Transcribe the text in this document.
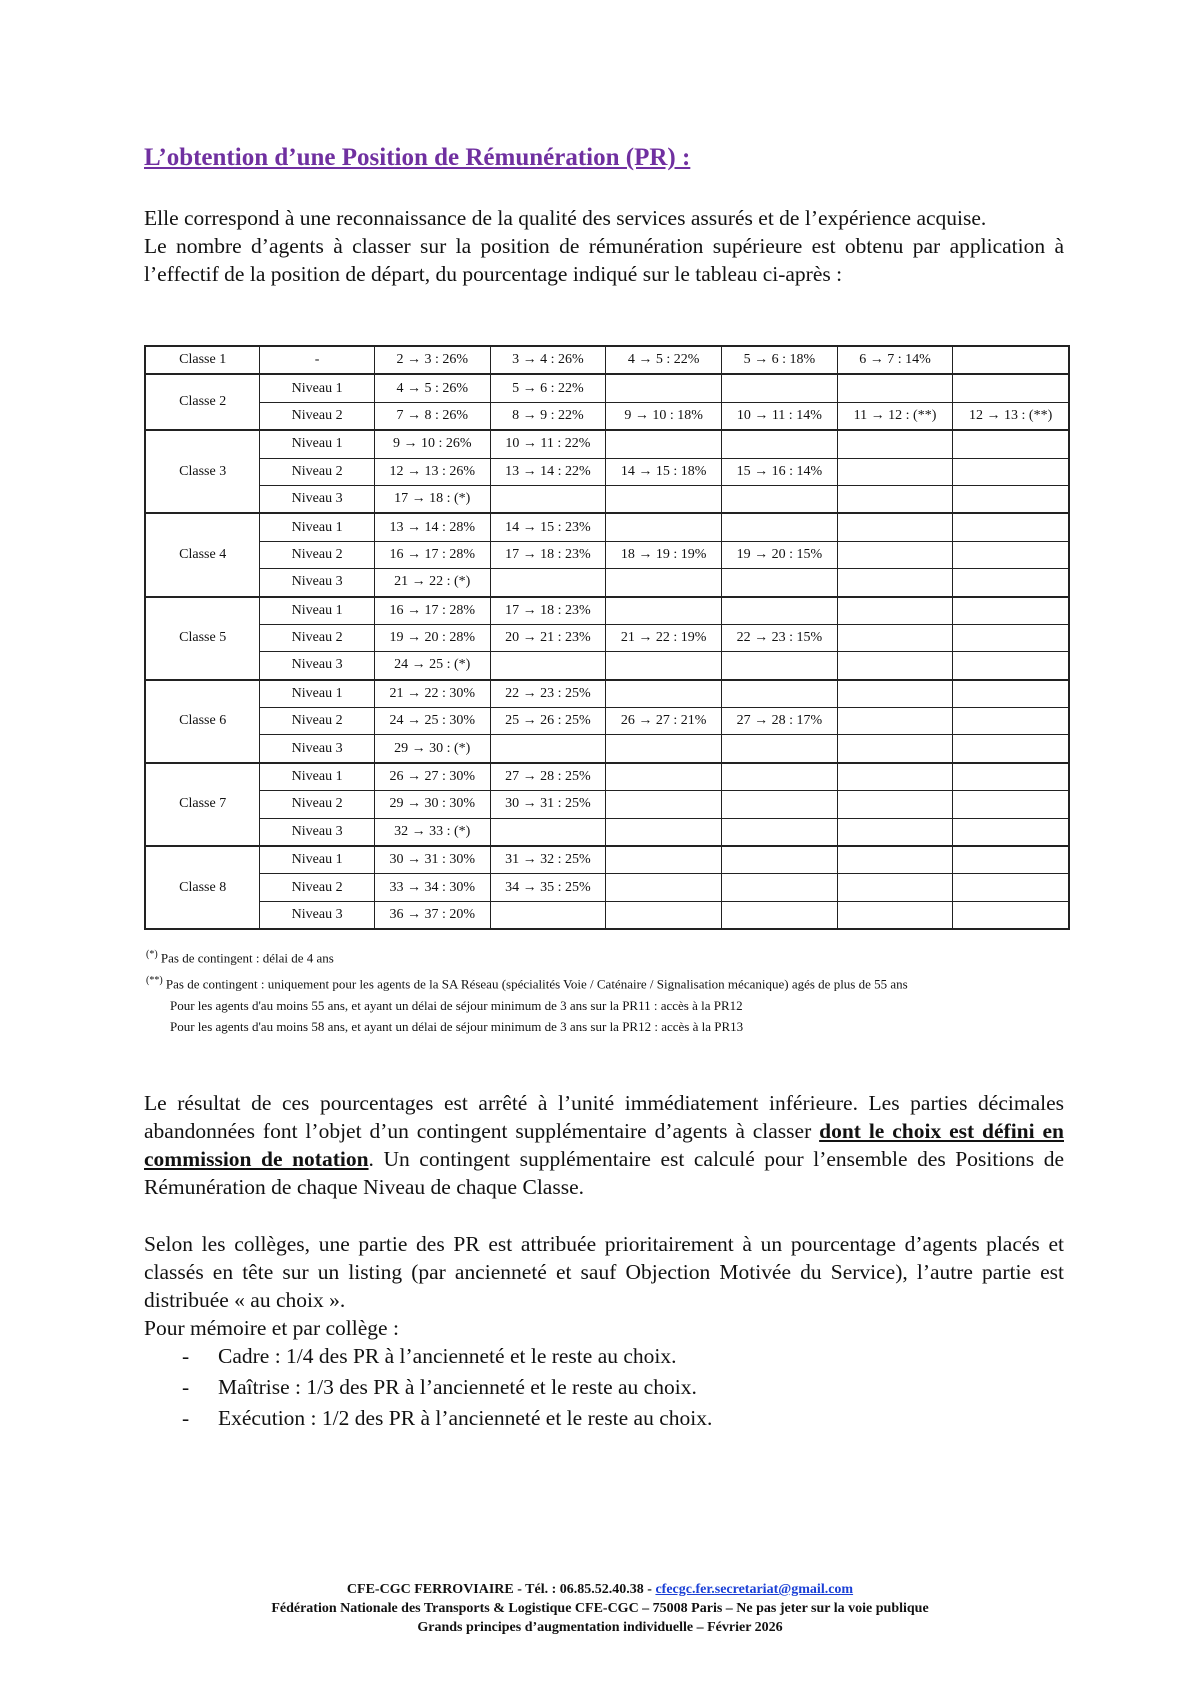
L’obtention d’une Position de Rémunération (PR) :

Elle correspond à une reconnaissance de la qualité des services assurés et de l’expérience acquise.

Le nombre d’agents à classer sur la position de rémunération supérieure est obtenu par application à l’effectif de la position de départ, du pourcentage indiqué sur le tableau ci-après :

Classe 1	-	2 → 3 : 26%	3 → 4 : 26%	4 → 5 : 22%	5 → 6 : 18%	6 → 7 : 14%	
Classe 2	Niveau 1	4 → 5 : 26%	5 → 6 : 22%				
	Niveau 2	7 → 8 : 26%	8 → 9 : 22%	9 → 10 : 18%	10 → 11 : 14%	11 → 12 : (**)	12 → 13 : (**)
Classe 3	Niveau 1	9 → 10 : 26%	10 → 11 : 22%				
	Niveau 2	12 → 13 : 26%	13 → 14 : 22%	14 → 15 : 18%	15 → 16 : 14%		
	Niveau 3	17 → 18 : (*)					
Classe 4	Niveau 1	13 → 14 : 28%	14 → 15 : 23%				
	Niveau 2	16 → 17 : 28%	17 → 18 : 23%	18 → 19 : 19%	19 → 20 : 15%		
	Niveau 3	21 → 22 : (*)					
Classe 5	Niveau 1	16 → 17 : 28%	17 → 18 : 23%				
	Niveau 2	19 → 20 : 28%	20 → 21 : 23%	21 → 22 : 19%	22 → 23 : 15%		
	Niveau 3	24 → 25 : (*)					
Classe 6	Niveau 1	21 → 22 : 30%	22 → 23 : 25%				
	Niveau 2	24 → 25 : 30%	25 → 26 : 25%	26 → 27 : 21%	27 → 28 : 17%		
	Niveau 3	29 → 30 : (*)					
Classe 7	Niveau 1	26 → 27 : 30%	27 → 28 : 25%				
	Niveau 2	29 → 30 : 30%	30 → 31 : 25%				
	Niveau 3	32 → 33 : (*)					
Classe 8	Niveau 1	30 → 31 : 30%	31 → 32 : 25%				
	Niveau 2	33 → 34 : 30%	34 → 35 : 25%				
	Niveau 3	36 → 37 : 20%					
(*) Pas de contingent : délai de 4 ans
(**) Pas de contingent : uniquement pour les agents de la SA Réseau (spécialités Voie / Caténaire / Signalisation mécanique) agés de plus de 55 ans
Pour les agents d'au moins 55 ans, et ayant un délai de séjour minimum de 3 ans sur la PR11 : accès à la PR12
Pour les agents d'au moins 58 ans, et ayant un délai de séjour minimum de 3 ans sur la PR12 : accès à la PR13

Le résultat de ces pourcentages est arrêté à l’unité immédiatement inférieure. Les parties décimales abandonnées font l’objet d’un contingent supplémentaire d’agents à classer dont le choix est défini en commission de notation. Un contingent supplémentaire est calculé pour l’ensemble des Positions de Rémunération de chaque Niveau de chaque Classe.

Selon les collèges, une partie des PR est attribuée prioritairement à un pourcentage d’agents placés et classés en tête sur un listing (par ancienneté et sauf Objection Motivée du Service), l’autre partie est distribuée « au choix ».

Pour mémoire et par collège :

- Cadre : 1/4 des PR à l’ancienneté et le reste au choix.
- Maîtrise : 1/3 des PR à l’ancienneté et le reste au choix.
- Exécution : 1/2 des PR à l’ancienneté et le reste au choix.
CFE-CGC FERROVIAIRE - Tél. : 06.85.52.40.38 - cfecgc.fer.secretariat@gmail.com
Fédération Nationale des Transports & Logistique CFE-CGC – 75008 Paris – Ne pas jeter sur la voie publique
Grands principes d’augmentation individuelle – Février 2026
